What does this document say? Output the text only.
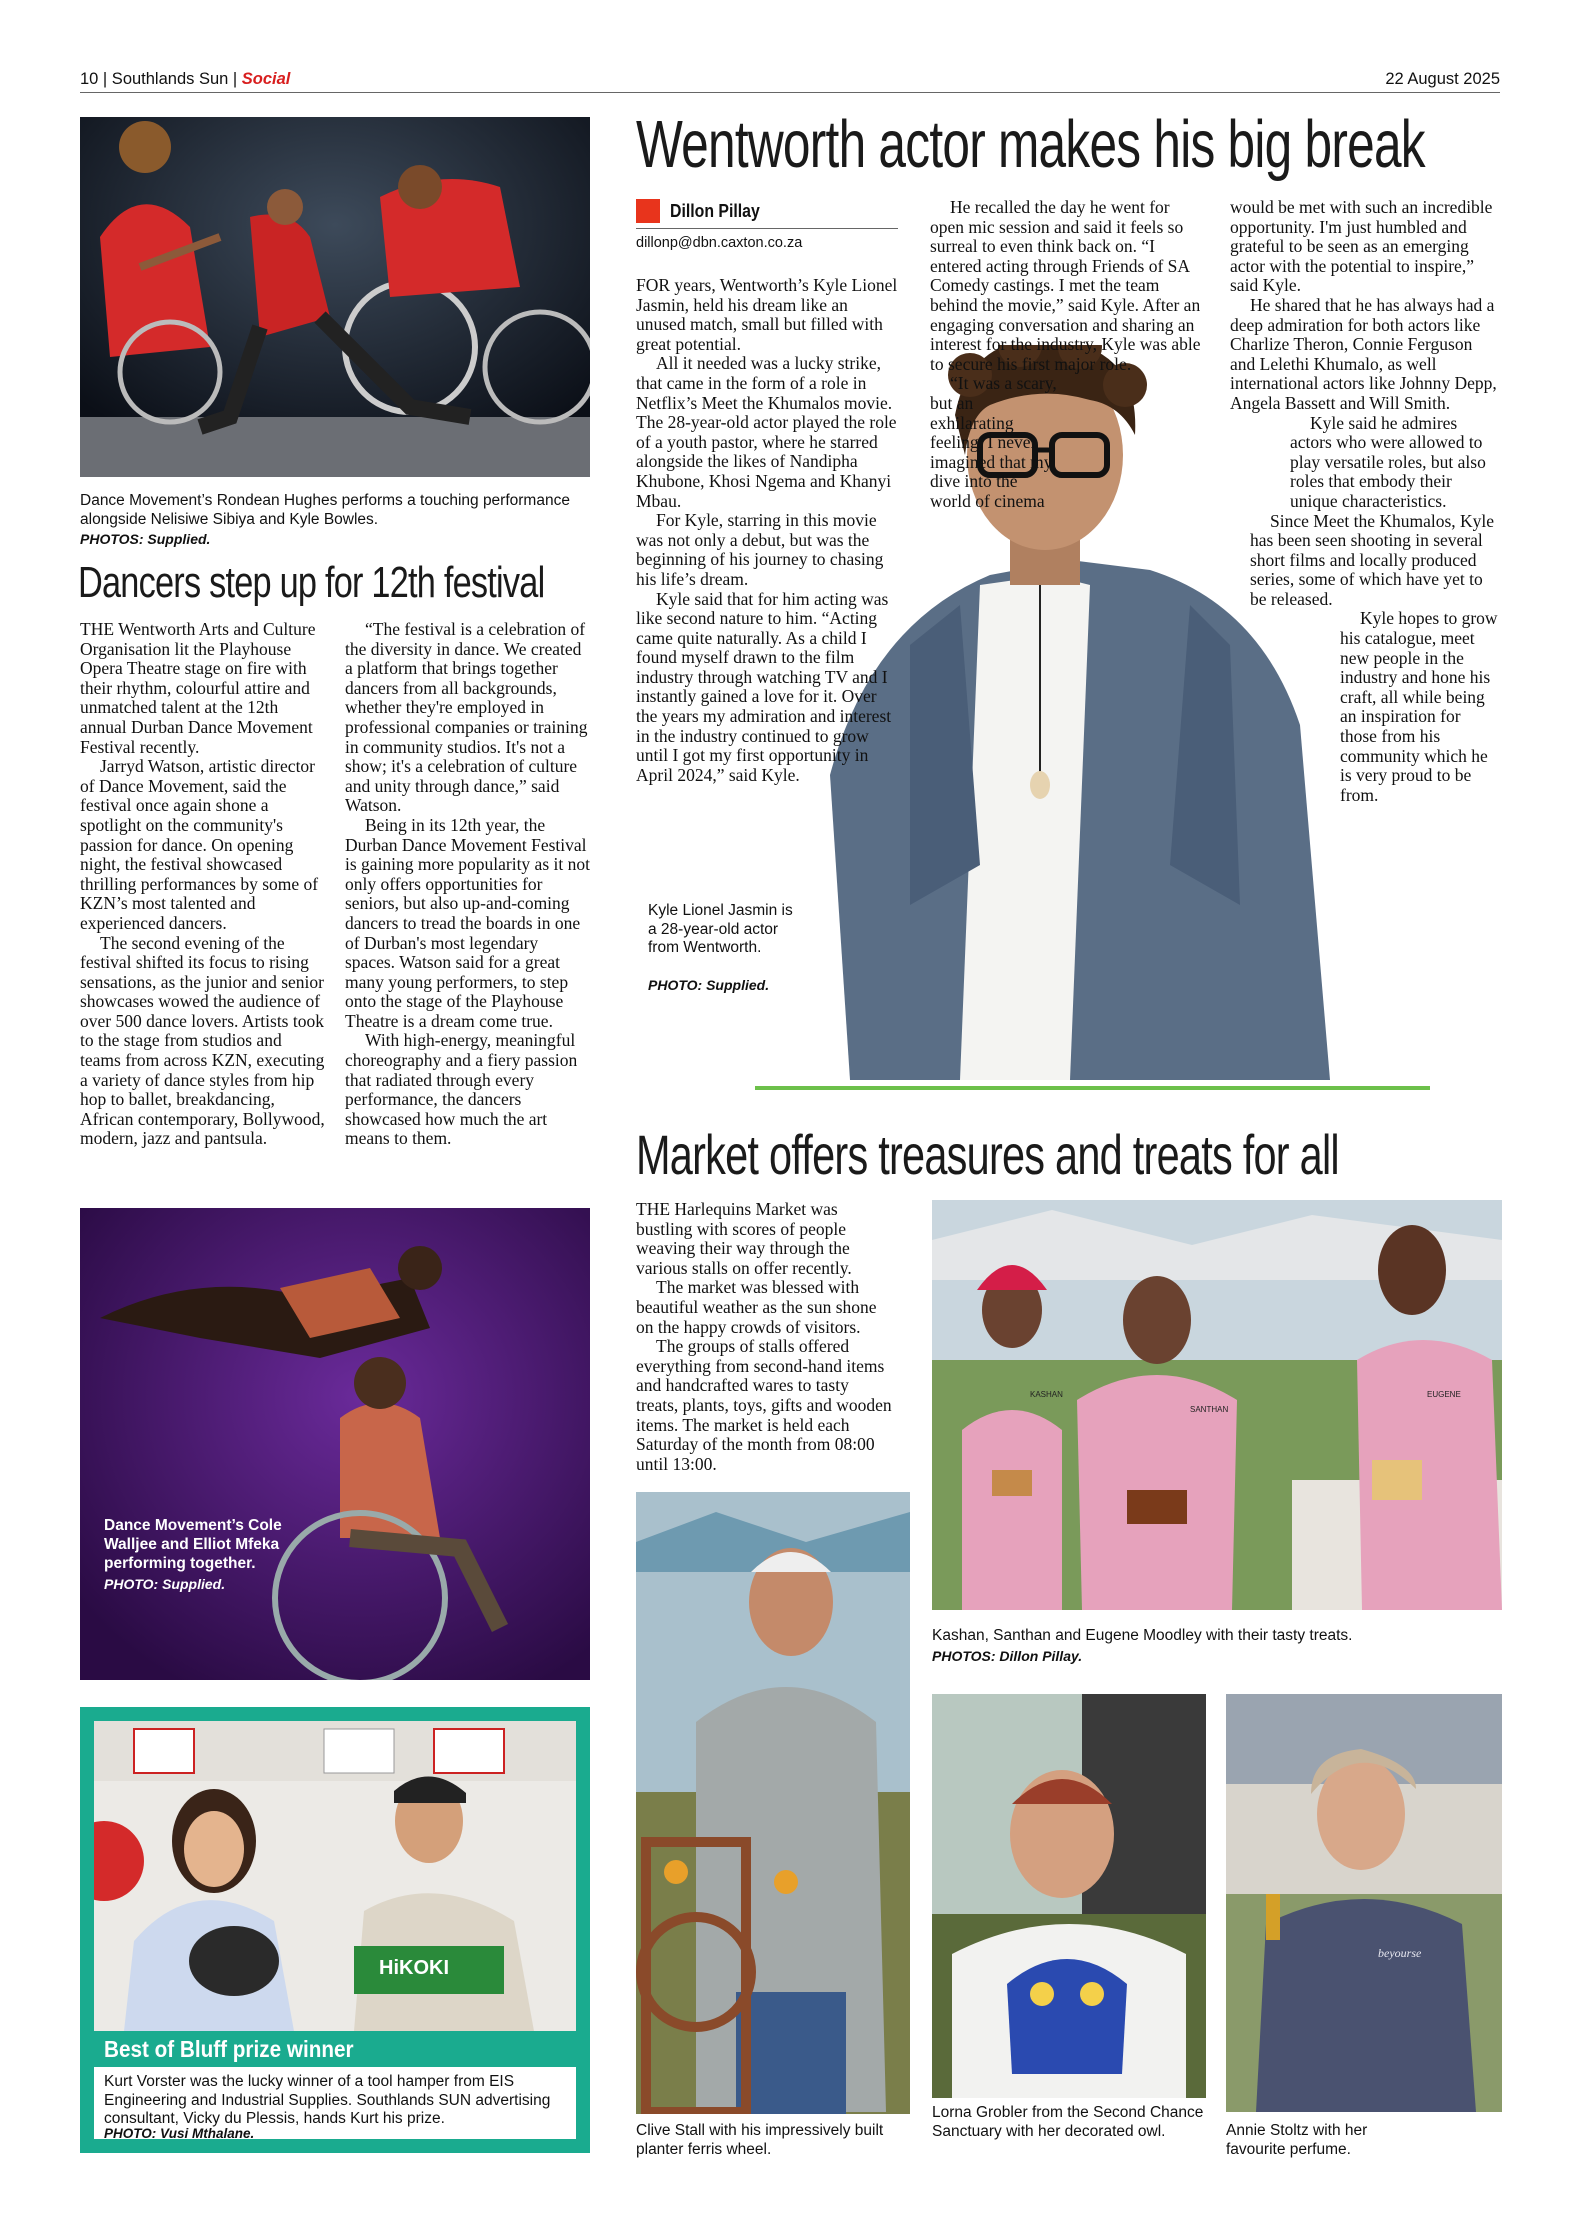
10 | Southlands Sun | Social	22 August 2025
Dance Movement’s Rondean Hughes performs a touching performance alongside Nelisiwe Sibiya and Kyle Bowles.
PHOTOS: Supplied.
Dancers step up for 12th festival

THE Wentworth Arts and Culture Organisation lit the Playhouse Opera Theatre stage on fire with their rhythm, colourful attire and unmatched talent at the 12th annual Durban Dance Movement Festival recently.

Jarryd Watson, artistic director of Dance Movement, said the festival once again shone a spotlight on the community's passion for dance. On opening night, the festival showcased thrilling performances by some of KZN’s most talented and experienced dancers.

The second evening of the festival shifted its focus to rising sensations, as the junior and senior showcases wowed the audience of over 500 dance lovers. Artists took to the stage from studios and teams from across KZN, executing a variety of dance styles from hip hop to ballet, breakdancing, African contemporary, Bollywood, modern, jazz and pantsula.

“The festival is a celebration of the diversity in dance. We created a platform that brings together dancers from all backgrounds, whether they're employed in professional companies or training in community studios. It's not a show; it's a celebration of culture and unity through dance,” said Watson.

Being in its 12th year, the Durban Dance Movement Festival is gaining more popularity as it not only offers opportunities for seniors, but also up-and-coming dancers to tread the boards in one of Durban's most legendary spaces. Watson said for a great many young performers, to step onto the stage of the Playhouse Theatre is a dream come true.

With high-energy, meaningful choreography and a fiery passion that radiated through every performance, the dancers showcased how much the art means to them.

Dance Movement’s Cole Walljee and Elliot Mfeka performing together.
PHOTO: Supplied.
HiKOKI
Best of Bluff prize winner
Kurt Vorster was the lucky winner of a tool hamper from EIS Engineering and Industrial Supplies. Southlands SUN advertising consultant, Vicky du Plessis, hands Kurt his prize.
PHOTO: Vusi Mthalane.
Wentworth actor makes his big break
Dillon Pillay
dillonp@dbn.caxton.co.za

FOR years, Wentworth’s Kyle Lionel Jasmin, held his dream like an unused match, small but filled with great potential.

All it needed was a lucky strike, that came in the form of a role in Netflix’s Meet the Khumalos movie. The 28-year-old actor played the role of a youth pastor, where he starred alongside the likes of Nandipha Khubone, Khosi Ngema and Khanyi Mbau.

For Kyle, starring in this movie was not only a debut, but was the beginning of his journey to chasing his life’s dream.

Kyle said that for him acting was like second nature to him. “Acting came quite naturally. As a child I found myself drawn to the film industry through watching TV and I instantly gained a love for it. Over the years my admiration and interest in the industry continued to grow until I got my first opportunity in April 2024,” said Kyle.

Kyle Lionel Jasmin is a 28-year-old actor from Wentworth.
PHOTO: Supplied.

He recalled the day he went for open mic session and said it feels so surreal to even think back on. “I entered acting through Friends of SA Comedy castings. I met the team behind the movie,” said Kyle. After an engaging conversation and sharing an interest for the industry, Kyle was able to secure his first major role.

“It was a scary, but an exhilarating feeling. I never imagined that my dive into the world of cinema

would be met with such an incredible opportunity. I'm just humbled and grateful to be seen as an emerging actor with the potential to inspire,” said Kyle.

He shared that he has always had a deep admiration for both actors like Charlize Theron, Connie Ferguson and Lelethi Khumalo, as well international actors like Johnny Depp, Angela Bassett and Will Smith.

Kyle said he admires actors who were allowed to play versatile roles, but also roles that embody their unique characteristics.

Since Meet the Khumalos, Kyle has been seen shooting in several short films and locally produced series, some of which have yet to be released.

Kyle hopes to grow his catalogue, meet new people in the industry and hone his craft, all while being an inspiration for those from his community which he is very proud to be from.

Market offers treasures and treats for all

THE Harlequins Market was bustling with scores of people weaving their way through the various stalls on offer recently.

The market was blessed with beautiful weather as the sun shone on the happy crowds of visitors.

The groups of stalls offered everything from second-hand items and handcrafted wares to tasty treats, plants, toys, gifts and wooden items. The market is held each Saturday of the month from 08:00 until 13:00.

KASHAN
SANTHAN
EUGENE
Kashan, Santhan and Eugene Moodley with their tasty treats.
PHOTOS: Dillon Pillay.
Clive Stall with his impressively built planter ferris wheel.
Lorna Grobler from the Second Chance Sanctuary with her decorated owl.
beyourse
Annie Stoltz with her favourite perfume.
